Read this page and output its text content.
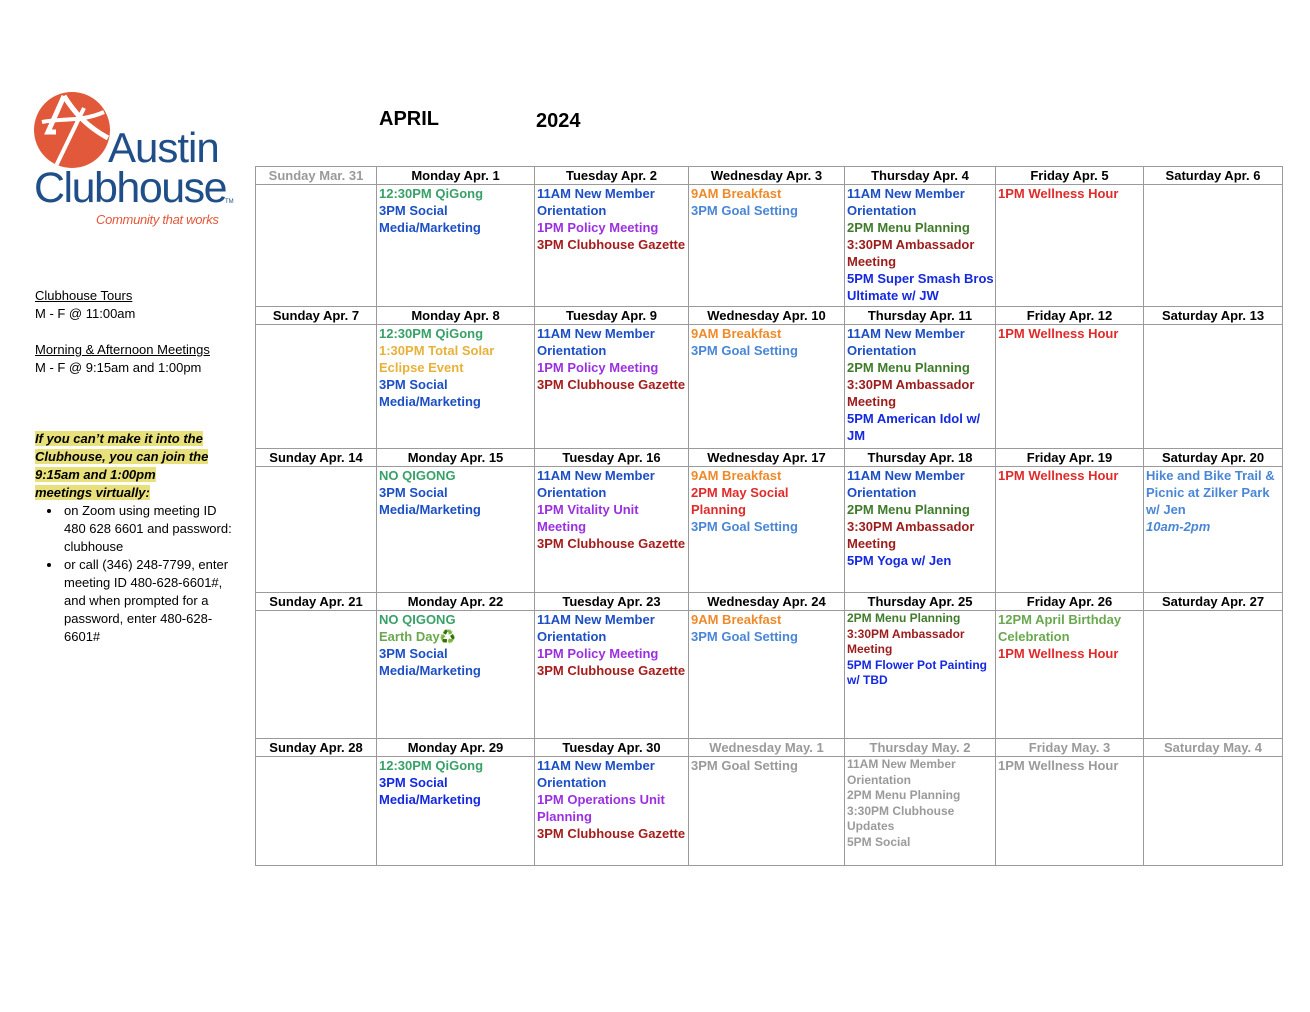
Austin
Clubhouse
TM
Community that works
Clubhouse Tours
M - F @ 11:00am
Morning & Afternoon Meetings
M - F @ 9:15am and 1:00pm
If you can’t make it into the Clubhouse, you can join the 9:15am and 1:00pm meetings virtually:
• on Zoom using meeting ID 480 628 6601 and password: clubhouse
• or call (346) 248-7799, enter meeting ID 480-628-6601#, and when prompted for a password, enter 480-628-6601#
APRIL	2024
Sunday Mar. 31	Monday Apr. 1	Tuesday Apr. 2	Wednesday Apr. 3	Thursday Apr. 4	Friday Apr. 5	Saturday Apr. 6

	12:30PM QiGong
3PM Social Media/Marketing	11AM New Member Orientation
1PM Policy Meeting
3PM Clubhouse Gazette	9AM Breakfast
3PM Goal Setting	11AM New Member Orientation
2PM Menu Planning
3:30PM Ambassador Meeting
5PM Super Smash Bros Ultimate w/ JW	1PM Wellness Hour	

Sunday Apr. 7	Monday Apr. 8	Tuesday Apr. 9	Wednesday Apr. 10	Thursday Apr. 11	Friday Apr. 12	Saturday Apr. 13

	12:30PM QiGong
1:30PM Total Solar Eclipse Event
3PM Social Media/Marketing	11AM New Member Orientation
1PM Policy Meeting
3PM Clubhouse Gazette	9AM Breakfast
3PM Goal Setting	11AM New Member Orientation
2PM Menu Planning
3:30PM Ambassador Meeting
5PM American Idol w/ JM	1PM Wellness Hour	

Sunday Apr. 14	Monday Apr. 15	Tuesday Apr. 16	Wednesday Apr. 17	Thursday Apr. 18	Friday Apr. 19	Saturday Apr. 20

	NO QIGONG
3PM Social Media/Marketing	11AM New Member Orientation
1PM Vitality Unit Meeting
3PM Clubhouse Gazette	9AM Breakfast
2PM May Social Planning
3PM Goal Setting	11AM New Member Orientation
2PM Menu Planning
3:30PM Ambassador Meeting
5PM Yoga w/ Jen	1PM Wellness Hour	Hike and Bike Trail & Picnic at Zilker Park w/ Jen
10am-2pm

Sunday Apr. 21	Monday Apr. 22	Tuesday Apr. 23	Wednesday Apr. 24	Thursday Apr. 25	Friday Apr. 26	Saturday Apr. 27

	NO QIGONG
Earth Day♻️
3PM Social Media/Marketing	11AM New Member Orientation
1PM Policy Meeting
3PM Clubhouse Gazette	9AM Breakfast
3PM Goal Setting	2PM Menu Planning
3:30PM Ambassador Meeting
5PM Flower Pot Painting w/ TBD	12PM April Birthday Celebration
1PM Wellness Hour	

Sunday Apr. 28	Monday Apr. 29	Tuesday Apr. 30	Wednesday May. 1	Thursday May. 2	Friday May. 3	Saturday May. 4

	12:30PM QiGong
3PM Social Media/Marketing	11AM New Member Orientation
1PM Operations Unit Planning
3PM Clubhouse Gazette	3PM Goal Setting	11AM New Member Orientation
2PM Menu Planning
3:30PM Clubhouse Updates
5PM Social	1PM Wellness Hour	
